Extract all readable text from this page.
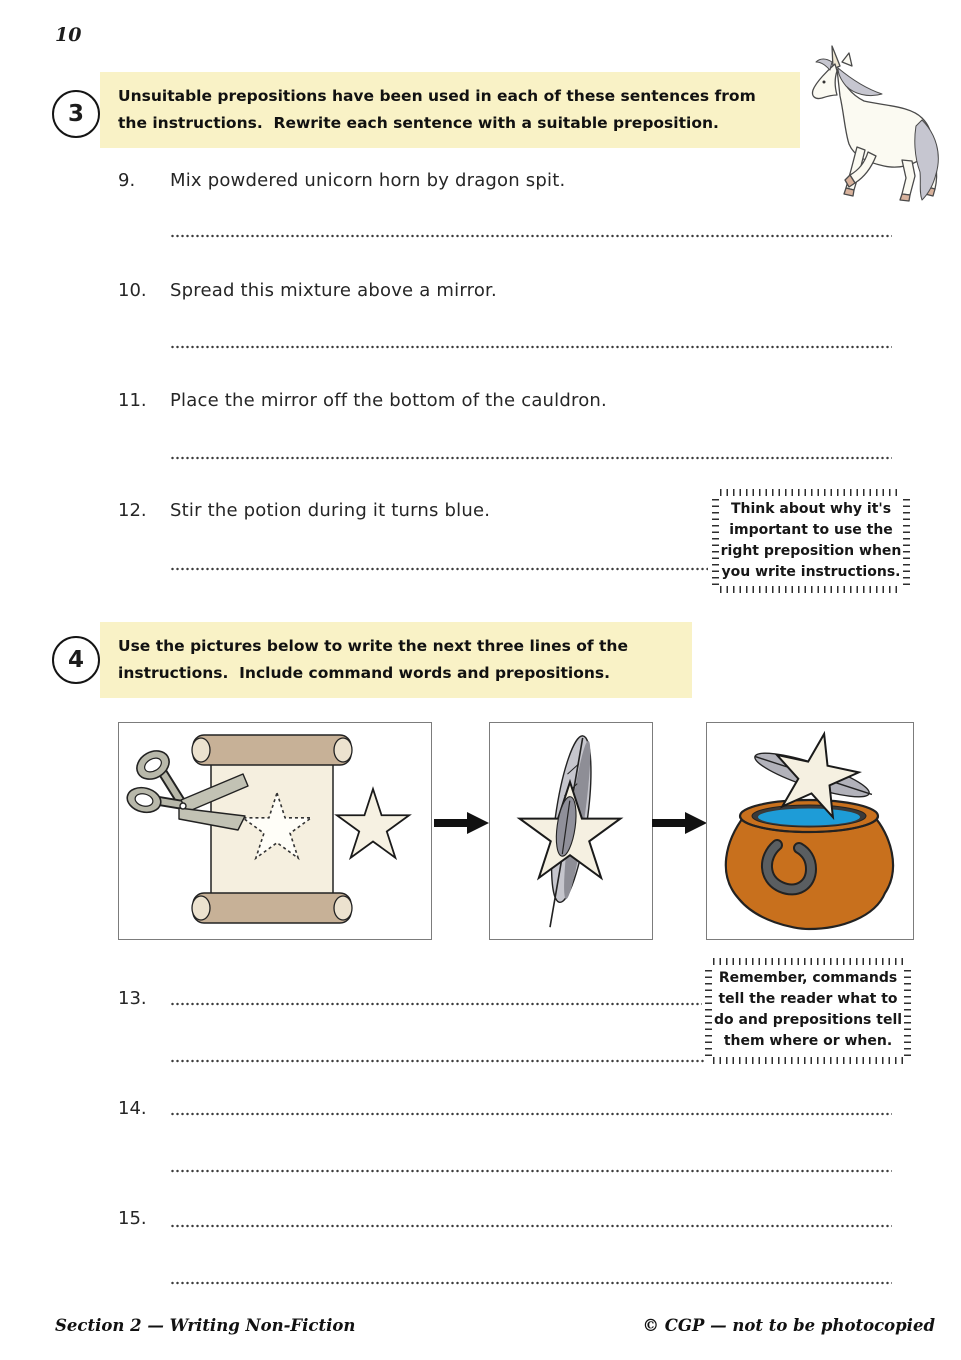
10
3
Unsuitable prepositions have been used in each of these sentences from
the instructions.  Rewrite each sentence with a suitable preposition.
9. Mix powdered unicorn horn by dragon spit.
10. Spread this mixture above a mirror.
11. Place the mirror off the bottom of the cauldron.
12. Stir the potion during it turns blue.	Think about why it's
important to use the
right preposition when
you write instructions.
4
Use the pictures below to write the next three lines of the
instructions.  Include command words and prepositions.
Remember, commands
tell the reader what to
do and prepositions tell
them where or when.
13.
14.
15.
Section 2 — Writing Non-Fiction	© CGP — not to be photocopied
